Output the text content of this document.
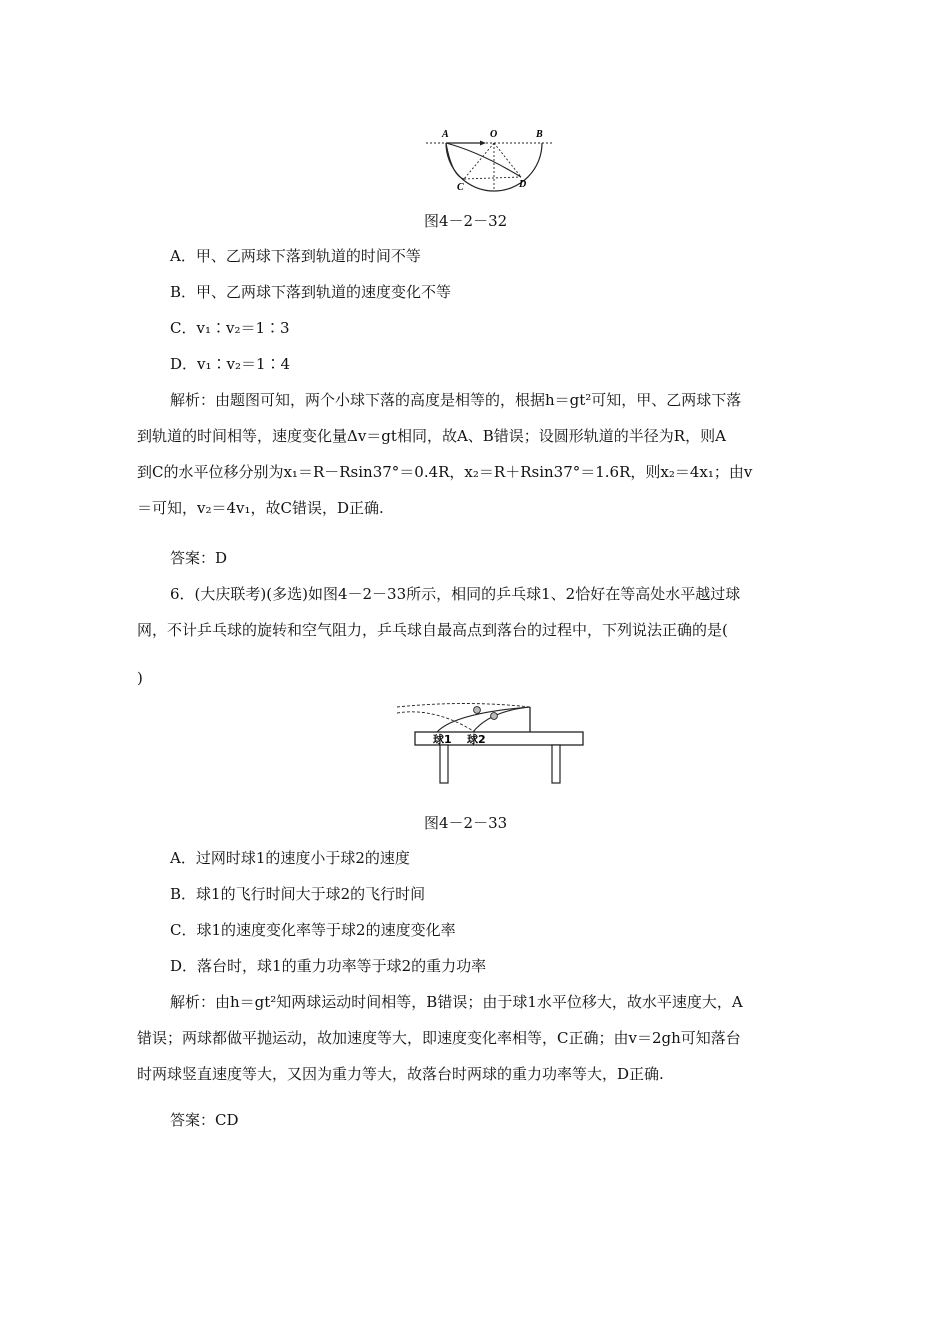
A	O	B
C	D
图4－2－32
A．甲、乙两球下落到轨道的时间不等
B．甲、乙两球下落到轨道的速度变化不等
C．v₁∶v₂＝1∶3
D．v₁∶v₂＝1∶4
解析：由题图可知，两个小球下落的高度是相等的，根据h＝gt²可知，甲、乙两球下落
到轨道的时间相等，速度变化量Δv＝gt相同，故A、B错误；设圆形轨道的半径为R，则A
到C的水平位移分别为x₁＝R－Rsin37°＝0.4R，x₂＝R＋Rsin37°＝1.6R，则x₂＝4x₁；由v
＝可知，v₂＝4v₁，故C错误，D正确.
答案：D
6．(大庆联考)(多选)如图4－2－33所示，相同的乒乓球1、2恰好在等高处水平越过球
网，不计乒乓球的旋转和空气阻力，乒乓球自最高点到落台的过程中，下列说法正确的是(
)
球1 球2
图4－2－33
A．过网时球1的速度小于球2的速度
B．球1的飞行时间大于球2的飞行时间
C．球1的速度变化率等于球2的速度变化率
D．落台时，球1的重力功率等于球2的重力功率
解析：由h＝gt²知两球运动时间相等，B错误；由于球1水平位移大，故水平速度大，A
错误；两球都做平抛运动，故加速度等大，即速度变化率相等，C正确；由v＝2gh可知落台
时两球竖直速度等大，又因为重力等大，故落台时两球的重力功率等大，D正确.
答案：CD
